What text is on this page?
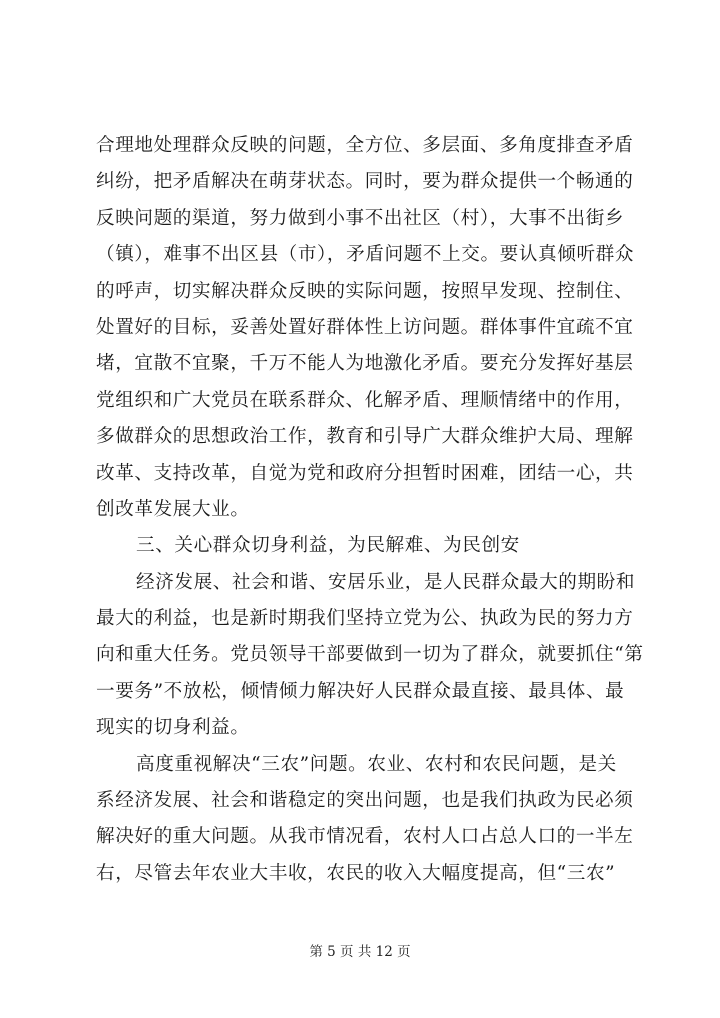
合理地处理群众反映的问题，全方位、多层面、多角度排查矛盾
纠纷，把矛盾解决在萌芽状态。同时，要为群众提供一个畅通的
反映问题的渠道，努力做到小事不出社区（村），大事不出街乡
（镇），难事不出区县（市），矛盾问题不上交。要认真倾听群众
的呼声，切实解决群众反映的实际问题，按照早发现、控制住、
处置好的目标，妥善处置好群体性上访问题。群体事件宜疏不宜
堵，宜散不宜聚，千万不能人为地激化矛盾。要充分发挥好基层
党组织和广大党员在联系群众、化解矛盾、理顺情绪中的作用，
多做群众的思想政治工作，教育和引导广大群众维护大局、理解
改革、支持改革，自觉为党和政府分担暂时困难，团结一心，共
创改革发展大业。
三、关心群众切身利益，为民解难、为民创安
经济发展、社会和谐、安居乐业，是人民群众最大的期盼和
最大的利益，也是新时期我们坚持立党为公、执政为民的努力方
向和重大任务。党员领导干部要做到一切为了群众，就要抓住“第
一要务”不放松，倾情倾力解决好人民群众最直接、最具体、最
现实的切身利益。
高度重视解决“三农”问题。农业、农村和农民问题，是关
系经济发展、社会和谐稳定的突出问题，也是我们执政为民必须
解决好的重大问题。从我市情况看，农村人口占总人口的一半左
右，尽管去年农业大丰收，农民的收入大幅度提高，但“三农”
第 5 页 共 12 页
